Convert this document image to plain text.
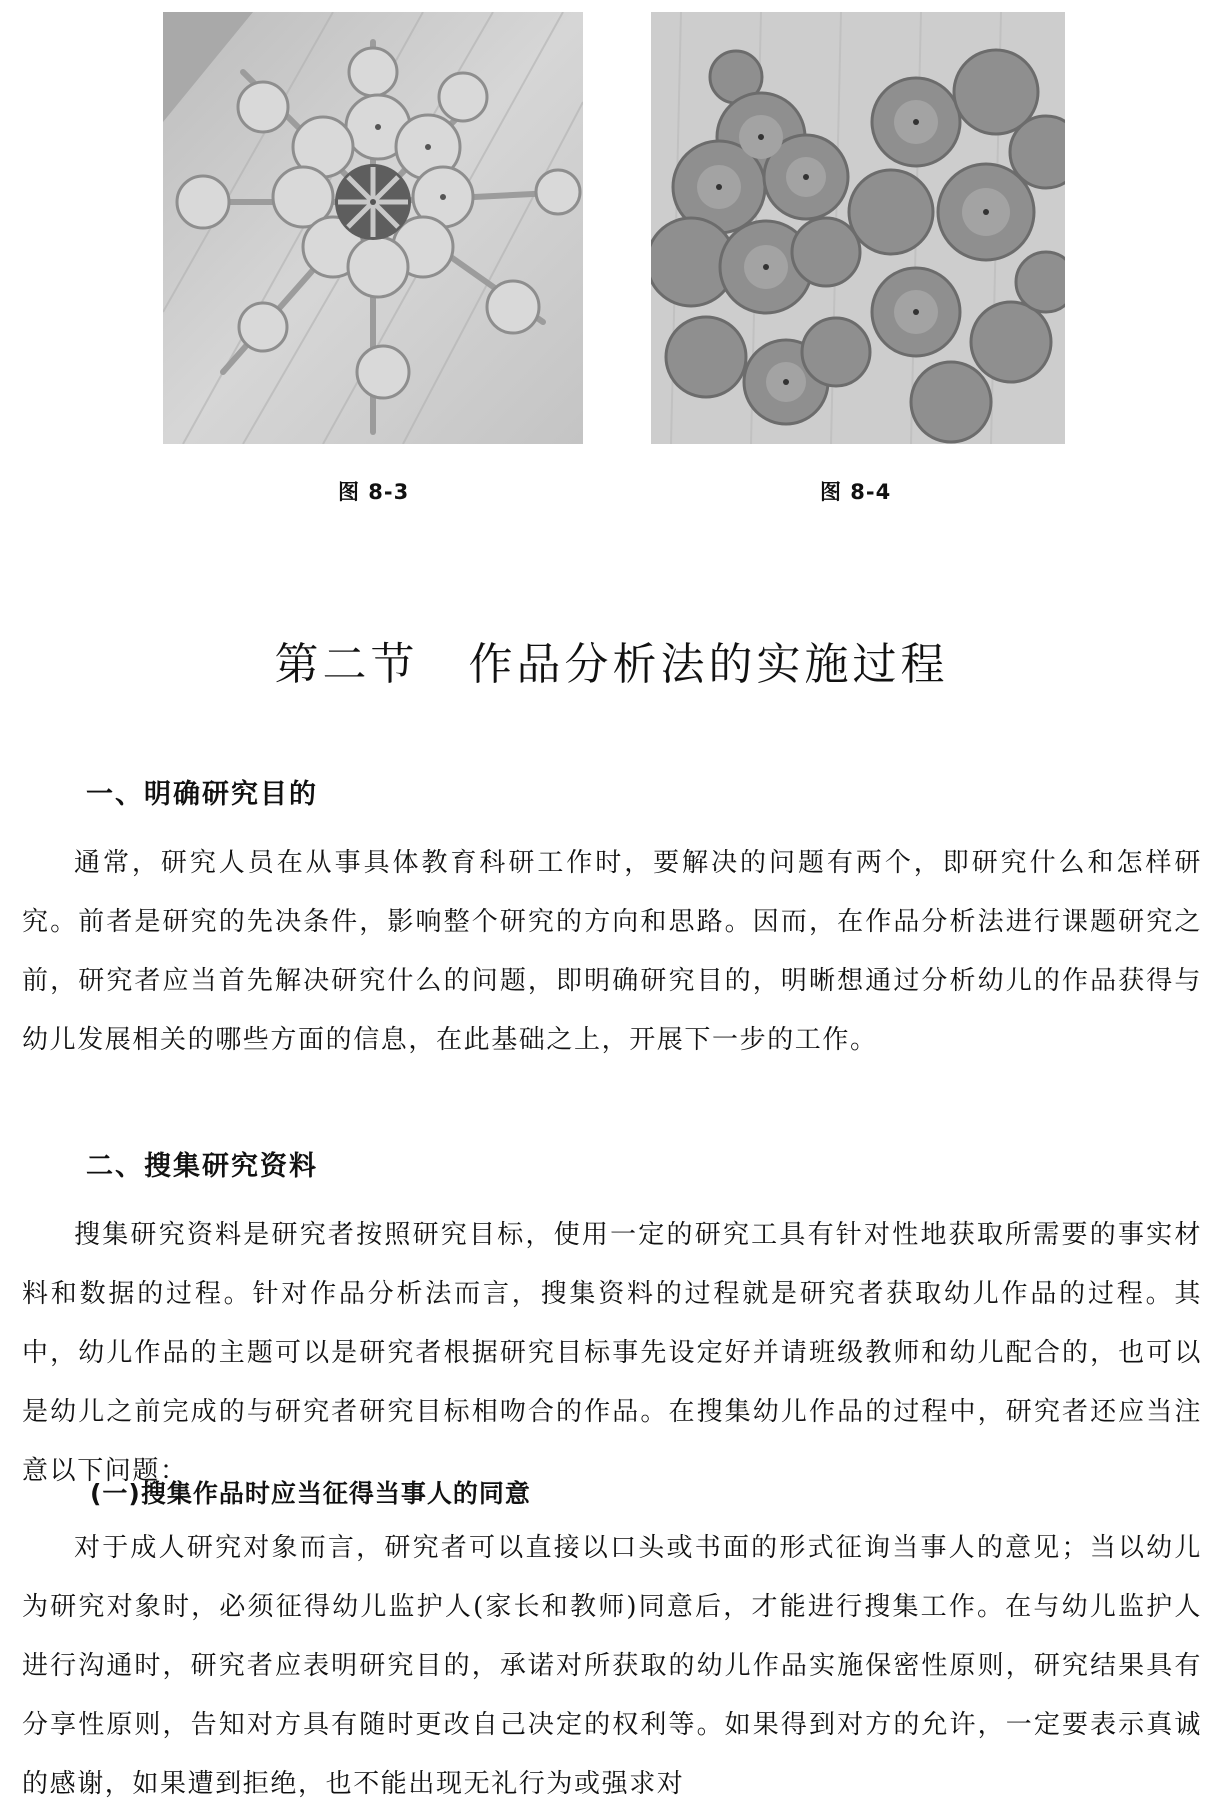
图 8-3	图 8-4
第二节 作品分析法的实施过程
一、明确研究目的

通常，研究人员在从事具体教育科研工作时，要解决的问题有两个，即研究什么和怎样研究。前者是研究的先决条件，影响整个研究的方向和思路。因而，在作品分析法进行课题研究之前，研究者应当首先解决研究什么的问题，即明确研究目的，明晰想通过分析幼儿的作品获得与幼儿发展相关的哪些方面的信息，在此基础之上，开展下一步的工作。

二、搜集研究资料

搜集研究资料是研究者按照研究目标，使用一定的研究工具有针对性地获取所需要的事实材料和数据的过程。针对作品分析法而言，搜集资料的过程就是研究者获取幼儿作品的过程。其中，幼儿作品的主题可以是研究者根据研究目标事先设定好并请班级教师和幼儿配合的，也可以是幼儿之前完成的与研究者研究目标相吻合的作品。在搜集幼儿作品的过程中，研究者还应当注意以下问题：

(一)搜集作品时应当征得当事人的同意

对于成人研究对象而言，研究者可以直接以口头或书面的形式征询当事人的意见；当以幼儿为研究对象时，必须征得幼儿监护人(家长和教师)同意后，才能进行搜集工作。在与幼儿监护人进行沟通时，研究者应表明研究目的，承诺对所获取的幼儿作品实施保密性原则，研究结果具有分享性原则，告知对方具有随时更改自己决定的权利等。如果得到对方的允许，一定要表示真诚的感谢，如果遭到拒绝，也不能出现无礼行为或强求对
